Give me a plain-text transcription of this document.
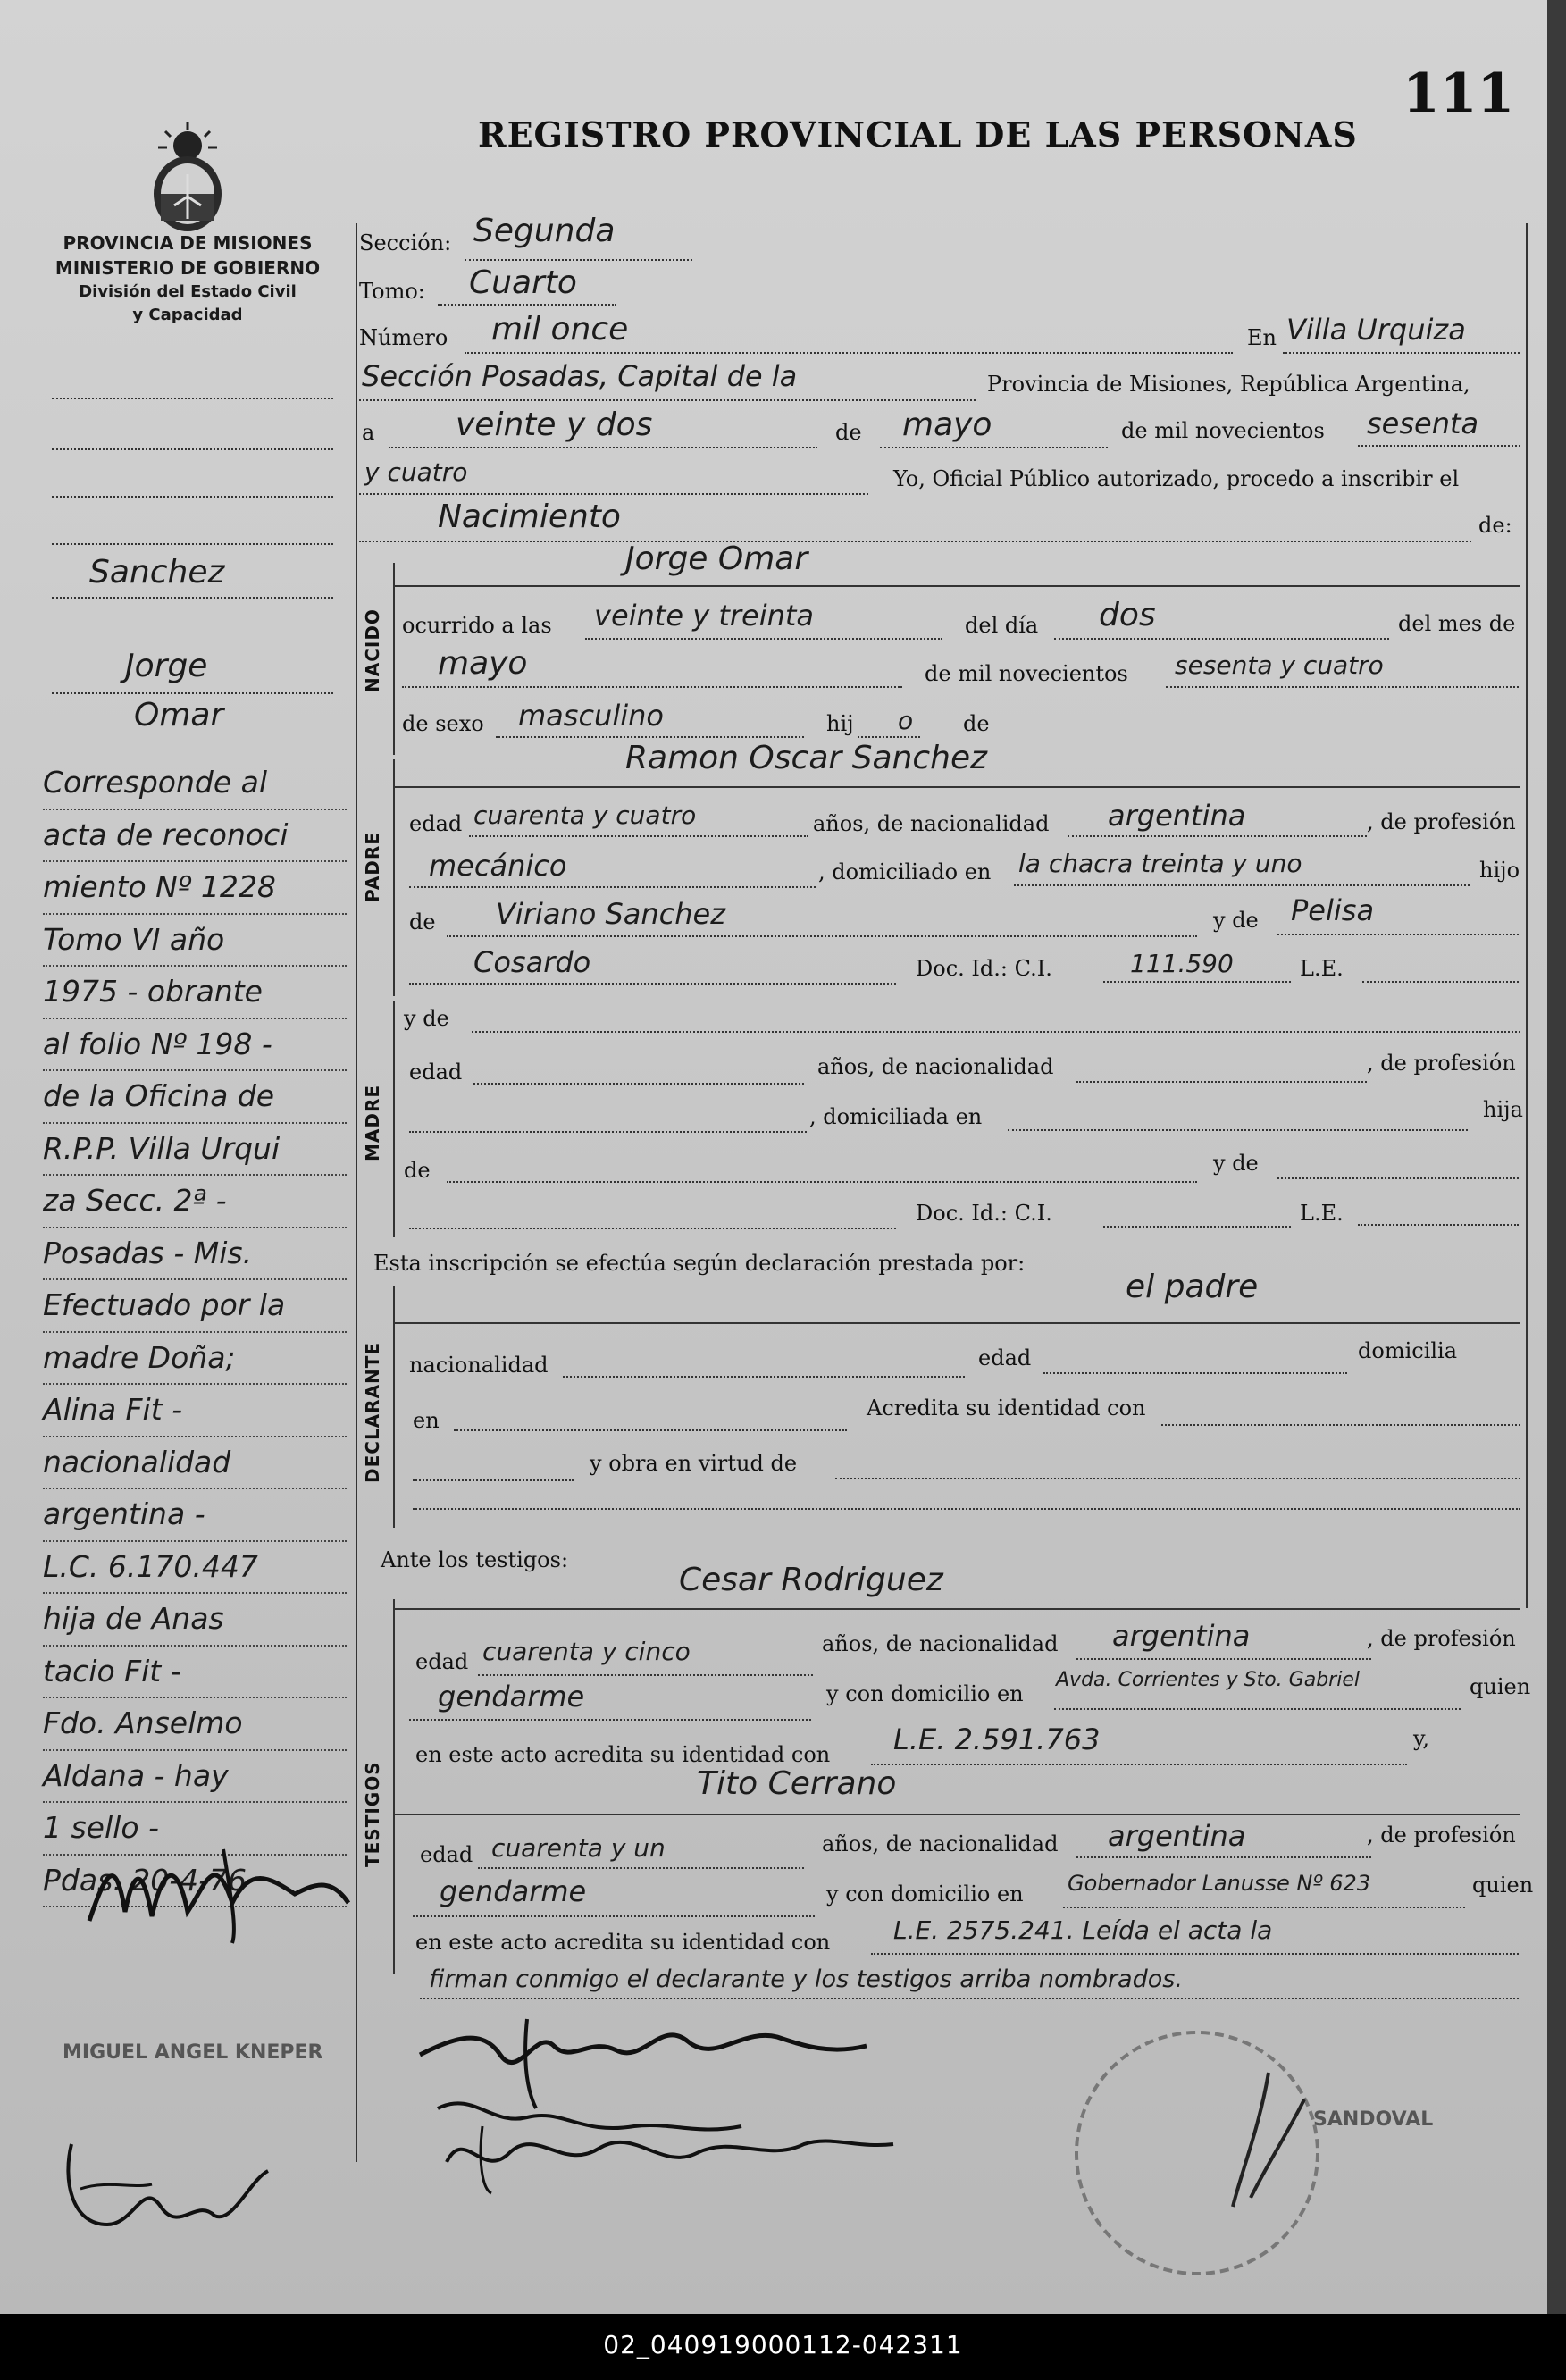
111
REGISTRO PROVINCIAL DE LAS PERSONAS
PROVINCIA DE MISIONES
MINISTERIO DE GOBIERNO
División del Estado Civil
y Capacidad
Sanchez
Jorge
Omar
Corresponde al
acta de reconoci
miento Nº 1228
Tomo VI año
1975 - obrante
al folio Nº 198 -
de la Oficina de
R.P.P. Villa Urqui
za Secc. 2ª -
Posadas - Mis.
Efectuado por la
madre Doña;
Alina Fit -
nacionalidad
argentina -
L.C. 6.170.447
hija de Anas
tacio Fit -
Fdo. Anselmo
Aldana - hay
1 sello -
Pdas. 20-4-76
MIGUEL ANGEL KNEPER
Sección: Segunda
Tomo: Cuarto
Número mil once	En Villa Urquiza
Sección Posadas, Capital de la	Provincia de Misiones, República Argentina,
a	veinte y dos	de mayo	de mil novecientos sesenta
y cuatro	Yo, Oficial Público autorizado, procedo a inscribir el
Nacimiento	de:
NACIDO
Jorge Omar
ocurrido a las veinte y treinta	del día dos	del mes de
mayo	de mil novecientos sesenta y cuatro
de sexo masculino	hij o de
PADRE
Ramon Oscar Sanchez
edad cuarenta y cuatro	años, de nacionalidad argentina	, de profesión
mecánico	, domiciliado en la chacra treinta y uno	hijo
de Viriano Sanchez	y de Pelisa
Cosardo	Doc. Id.: C.I.	111.590	L.E.
MADRE
y de
edad	años, de nacionalidad	, de profesión
, domiciliada en	hija
de	y de
Doc. Id.: C.I.	L.E.
Esta inscripción se efectúa según declaración prestada por:
DECLARANTE
el padre
nacionalidad	edad	domicilia
en	Acredita su identidad con
y obra en virtud de
Ante los testigos:
TESTIGOS
Cesar Rodriguez
edad cuarenta y cinco	años, de nacionalidad argentina	, de profesión
gendarme	y con domicilio en
Avda. Corrientes y Sto. Gabriel	quien
en este acto acredita su identidad con L.E. 2.591.763	y,
Tito Cerrano
edad cuarenta y un	años, de nacionalidad argentina	, de profesión
gendarme	y con domicilio en Gobernador Lanusse Nº 623	quien
en este acto acredita su identidad con	L.E. 2575.241. Leída el acta la
firman conmigo el declarante y los testigos arriba nombrados.
SANDOVAL
02_040919000112-042311
